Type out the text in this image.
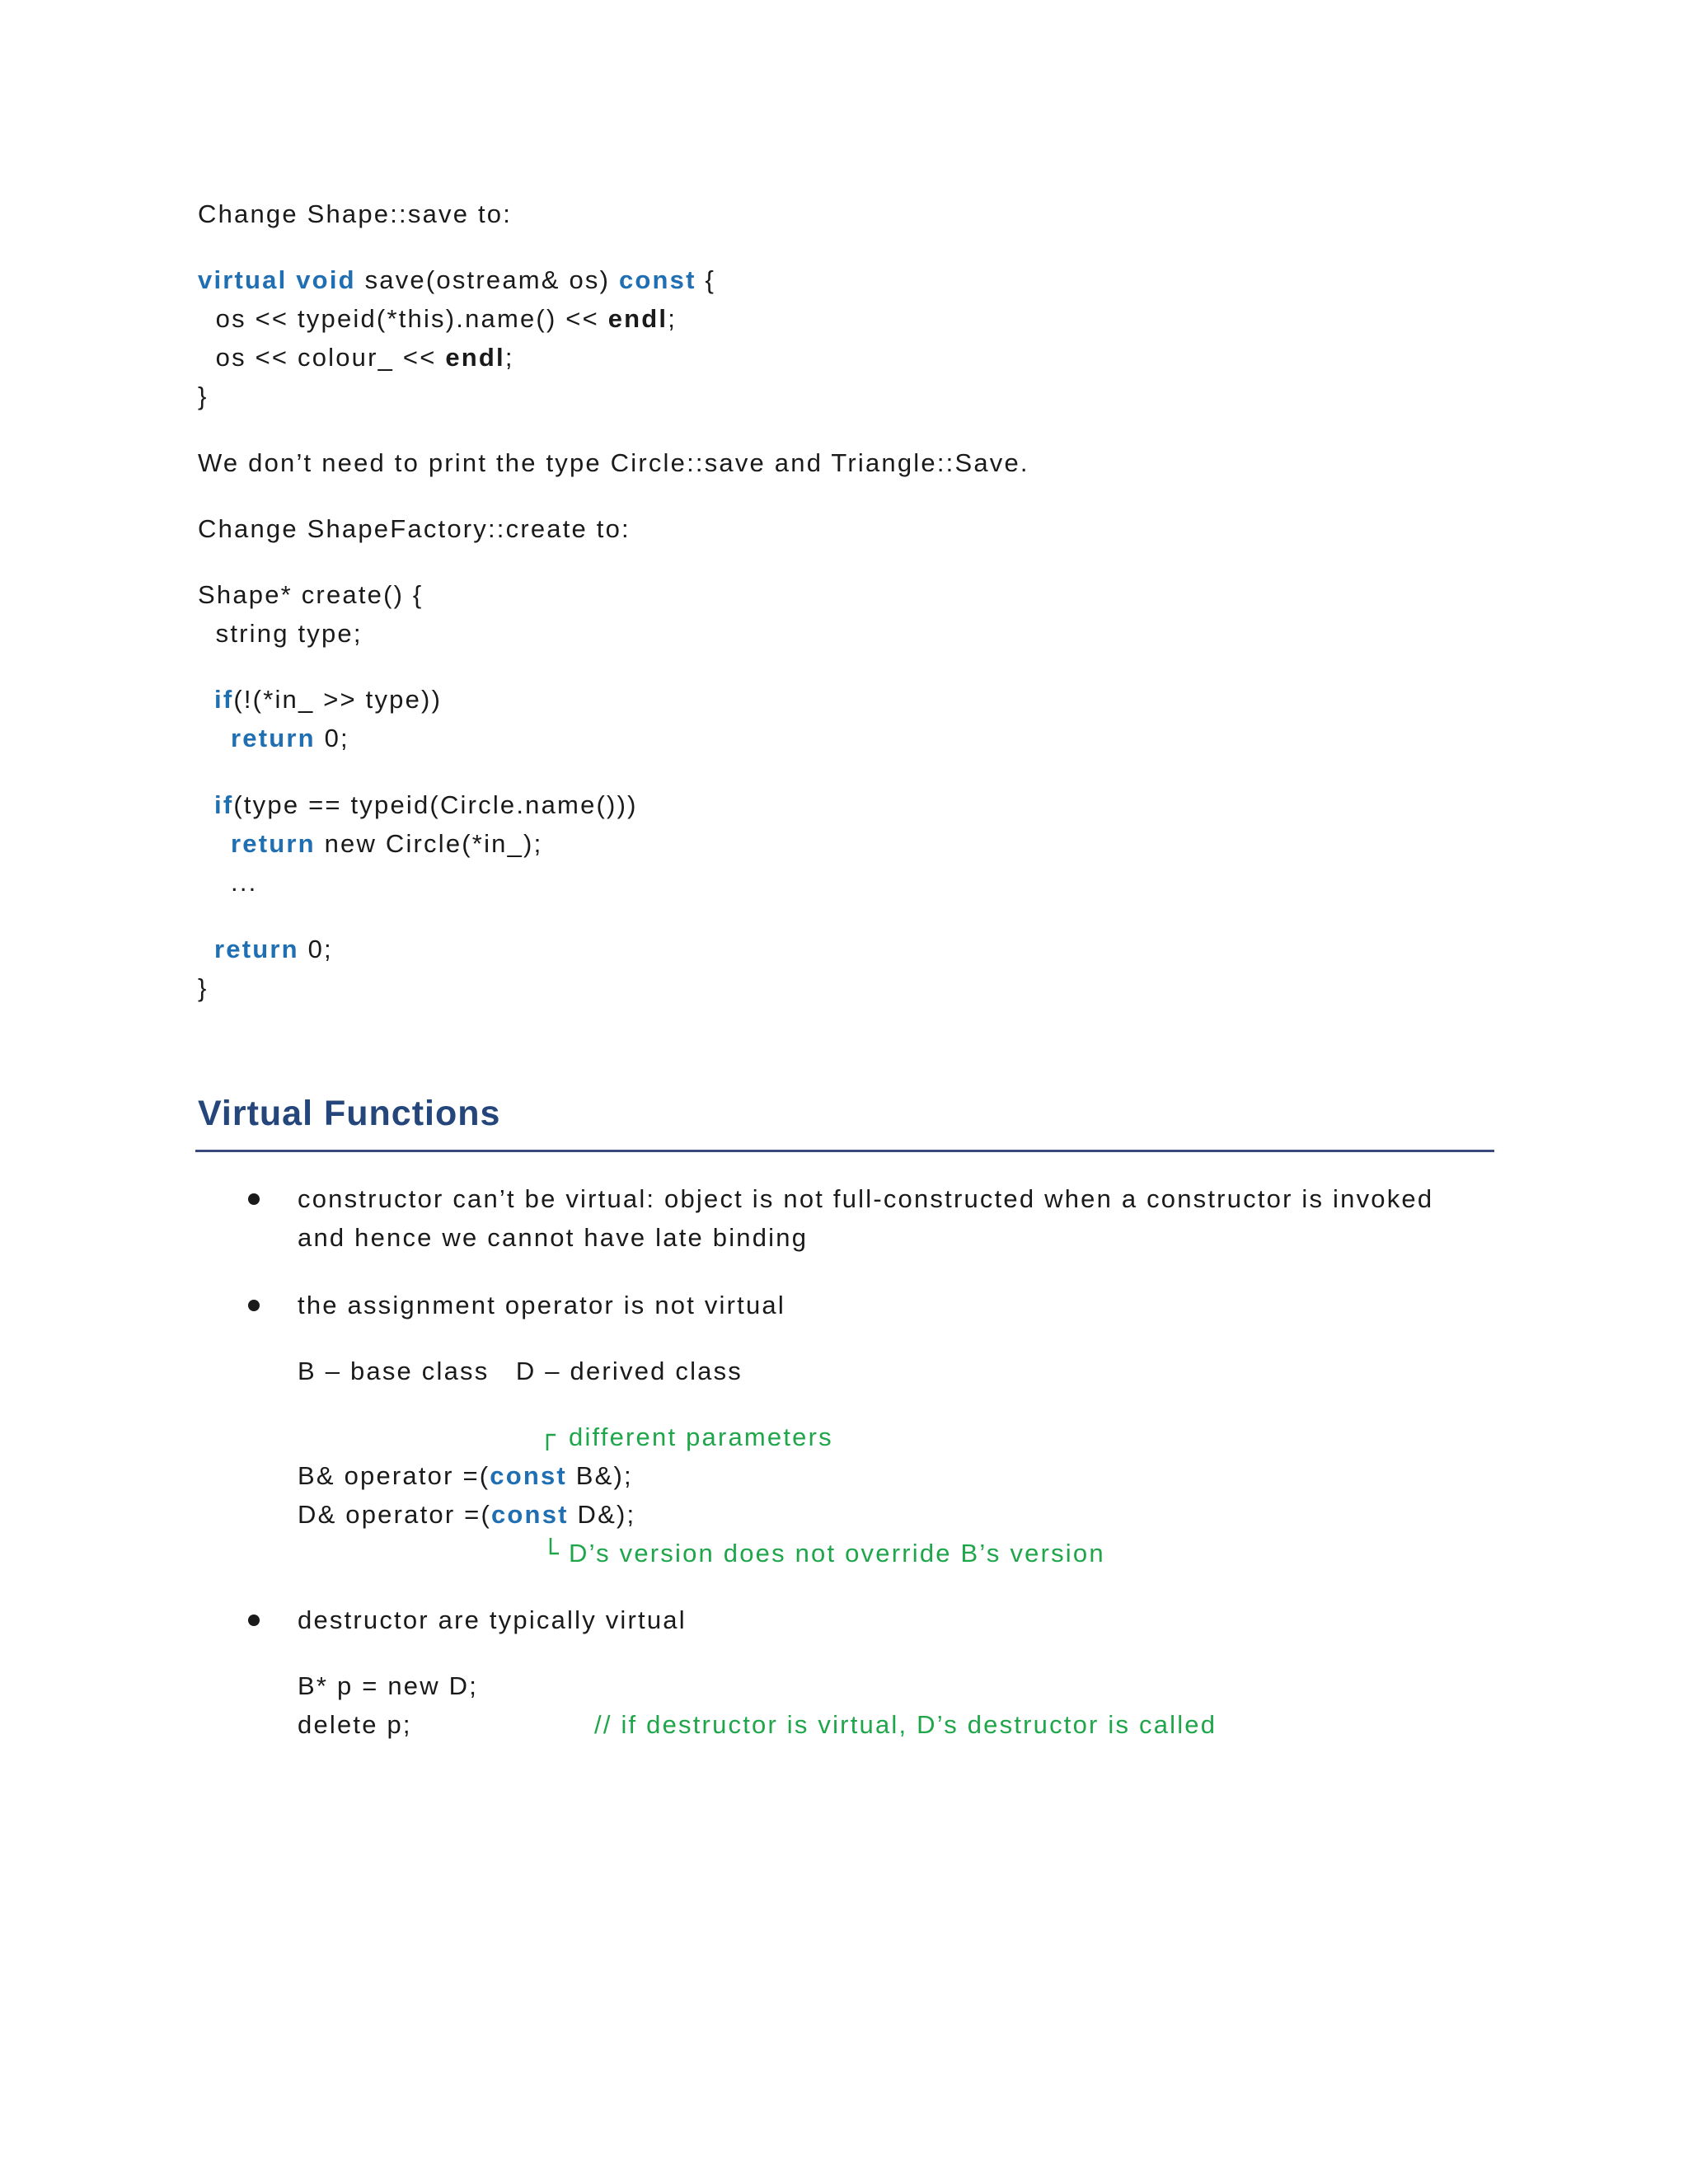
Change Shape::save to:
virtual void save(ostream& os) const {
os << typeid(*this).name() << endl;
os << colour_ << endl;
}
We don’t need to print the type Circle::save and Triangle::Save.
Change ShapeFactory::create to:
Shape* create() {
string type;
if(!(*in_ >> type))
return 0;
if(type == typeid(Circle.name()))
return new Circle(*in_);
...
return 0;
}
Virtual Functions
constructor can’t be virtual: object is not full-constructed when a constructor is invoked
and hence we cannot have late binding
the assignment operator is not virtual
B – base class   D – derived class
different parameters
B& operator =(const B&);
D& operator =(const D&);
D’s version does not override B’s version
destructor are typically virtual
B* p = new D;
delete p;	// if destructor is virtual, D’s destructor is called
